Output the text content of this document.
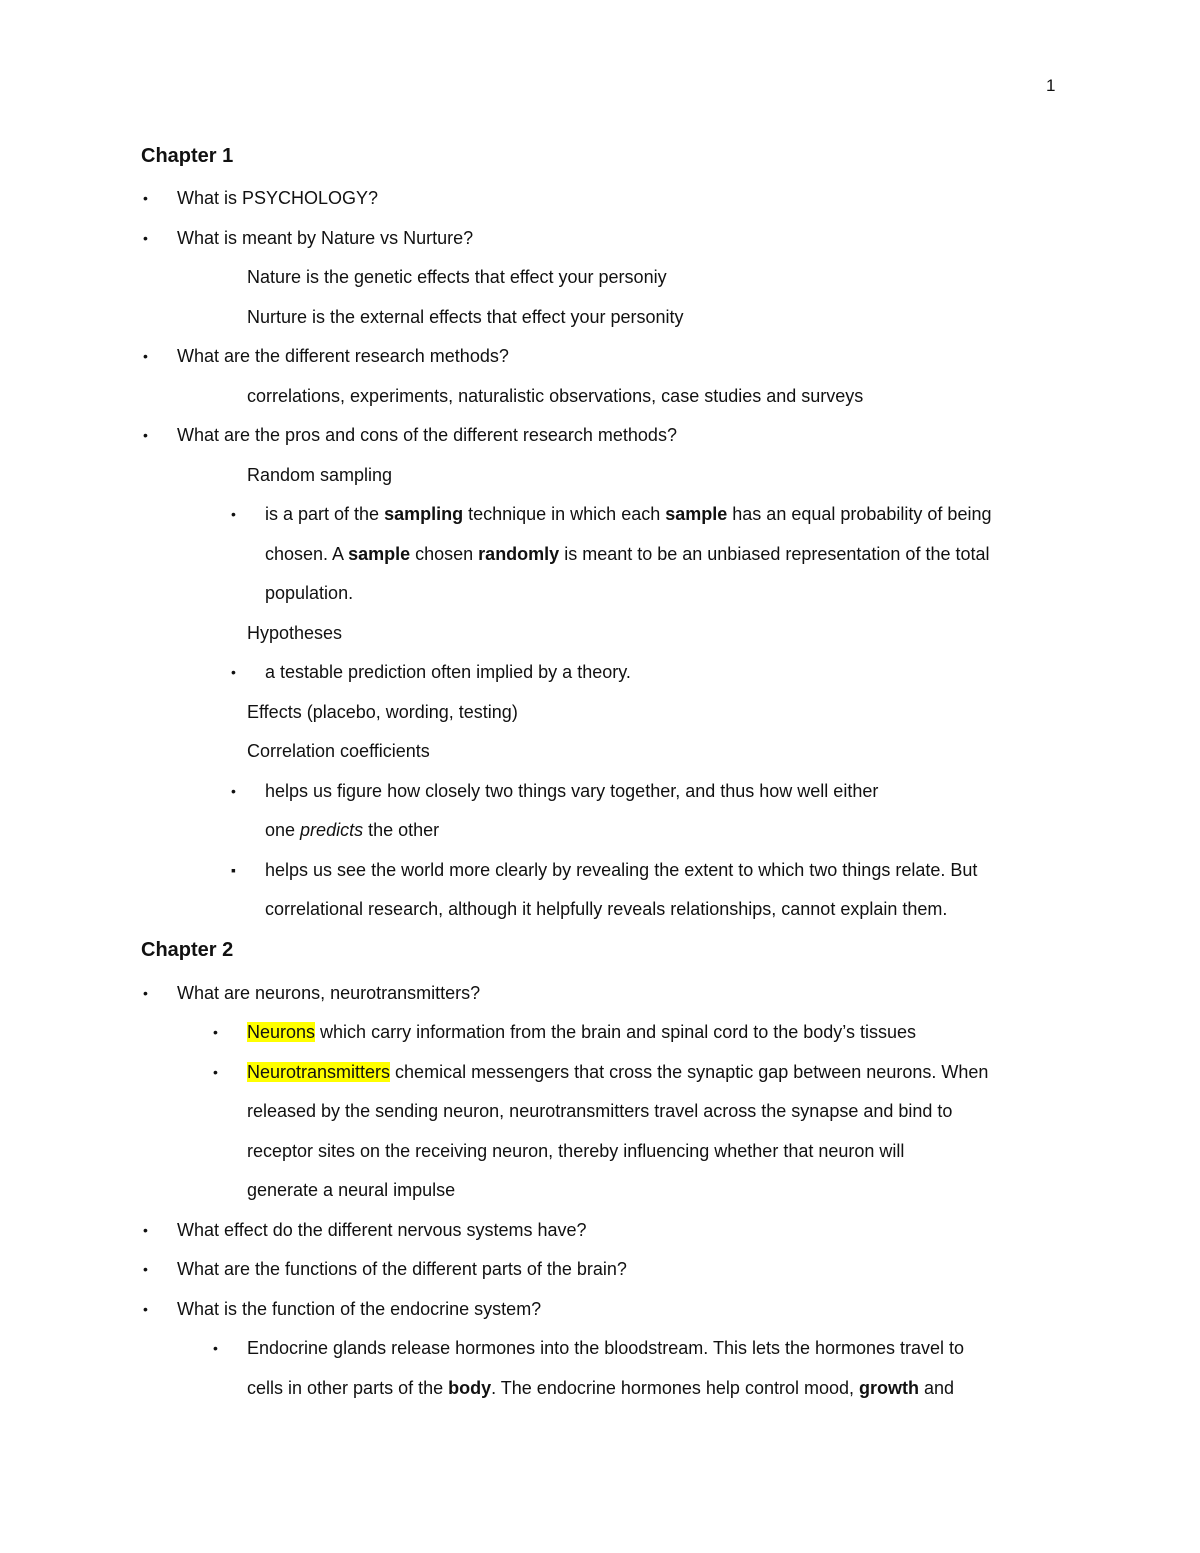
1
Chapter 1
• What is PSYCHOLOGY?
• What is meant by Nature vs Nurture?
Nature is the genetic effects that effect your personiy
Nurture is the external effects that effect your personity
• What are the different research methods?
correlations, experiments, naturalistic observations, case studies and surveys
• What are the pros and cons of the different research methods?
Random sampling
• is a part of the sampling technique in which each sample has an equal probability of being
chosen. A sample chosen randomly is meant to be an unbiased representation of the total
population.
Hypotheses
• a testable prediction often implied by a theory.
Effects (placebo, wording, testing)
Correlation coefficients
• helps us figure how closely two things vary together, and thus how well either
one predicts the other
▪ helps us see the world more clearly by revealing the extent to which two things relate. But
correlational research, although it helpfully reveals relationships, cannot explain them.
Chapter 2
• What are neurons, neurotransmitters?
• Neurons which carry information from the brain and spinal cord to the body’s tissues
• Neurotransmitters chemical messengers that cross the synaptic gap between neurons. When
released by the sending neuron, neurotransmitters travel across the synapse and bind to
receptor sites on the receiving neuron, thereby influencing whether that neuron will
generate a neural impulse
• What effect do the different nervous systems have?
• What are the functions of the different parts of the brain?
• What is the function of the endocrine system?
• Endocrine glands release hormones into the bloodstream. This lets the hormones travel to
cells in other parts of the body. The endocrine hormones help control mood, growth and
